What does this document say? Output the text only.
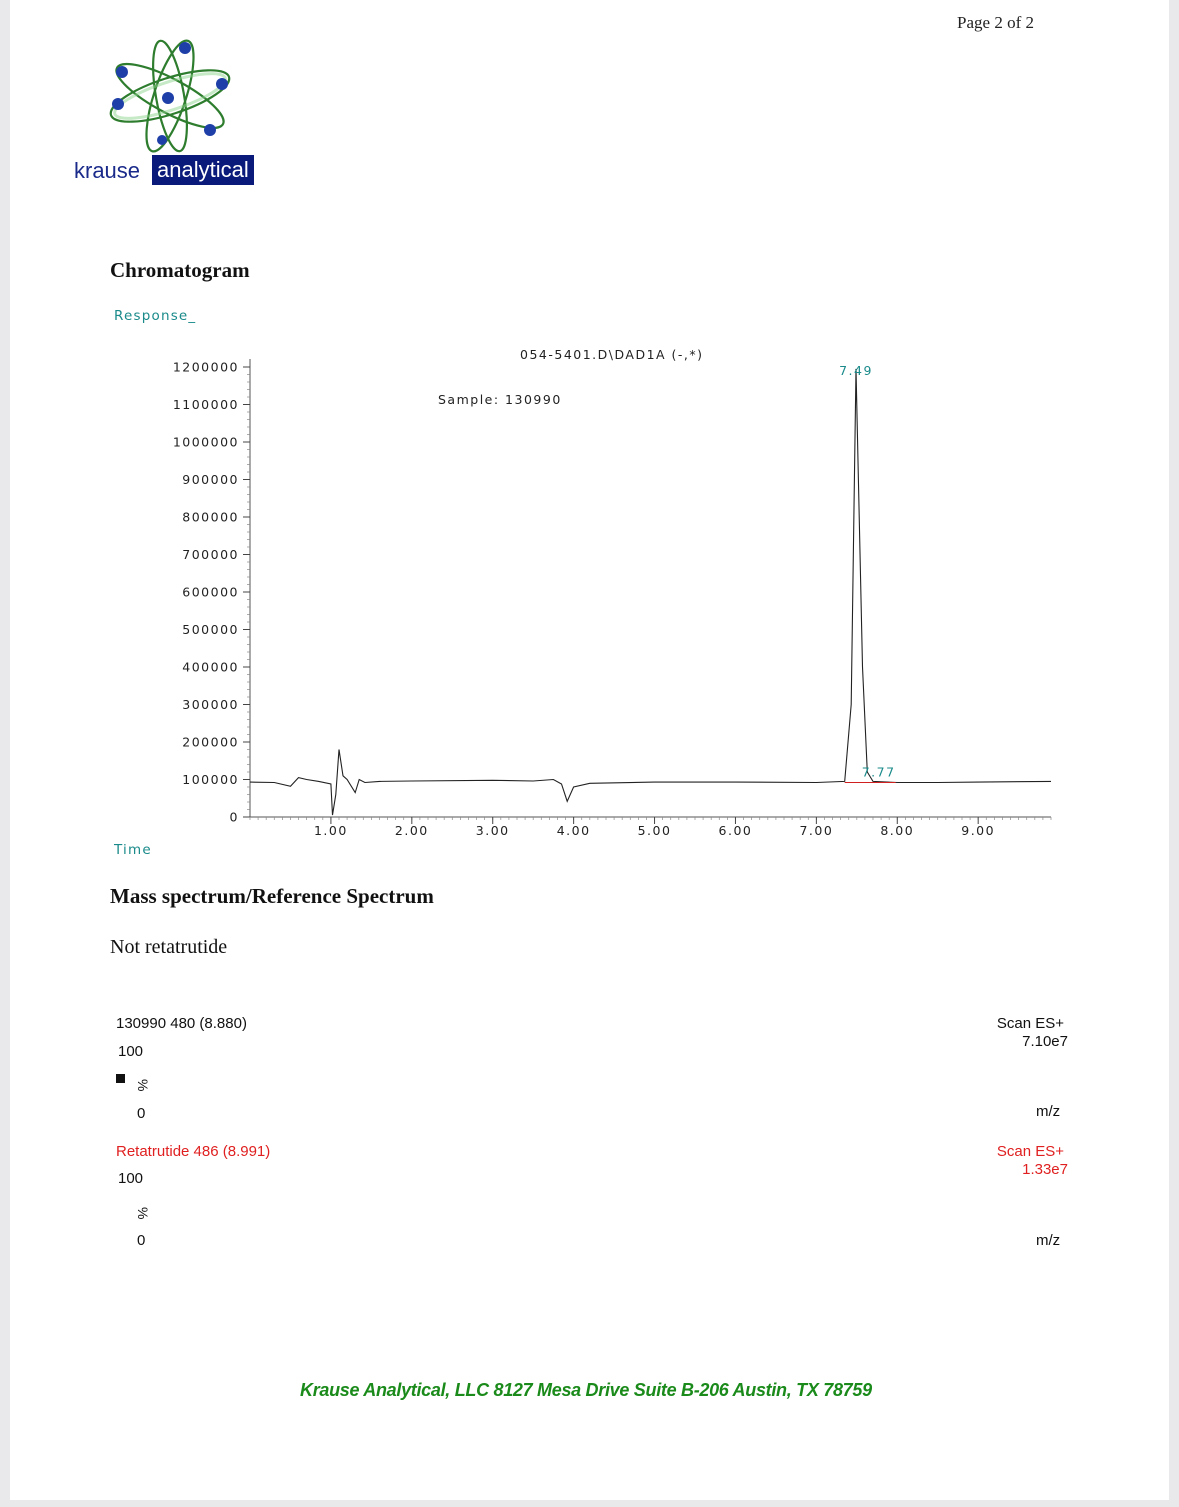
Page 2 of 2
krause analytical
Chromatogram
Response_
Time
054-5401.D\DAD1A (-,*)
Sample: 130990
0
100000
200000
300000
400000
500000
600000
700000
800000
900000
1000000
1100000
1200000
1.00	2.00	3.00	4.00	5.00	6.00	7.00	8.00	9.00
7.49
7.77
Mass spectrum/Reference Spectrum
Not retatrutide
130990 480 (8.880)	Scan ES+
7.10e7
100
%
0	m/z
Retatrutide 486 (8.991)	Scan ES+
1.33e7
100
%
0	m/z
Krause Analytical, LLC 8127 Mesa Drive Suite B-206 Austin, TX 78759
